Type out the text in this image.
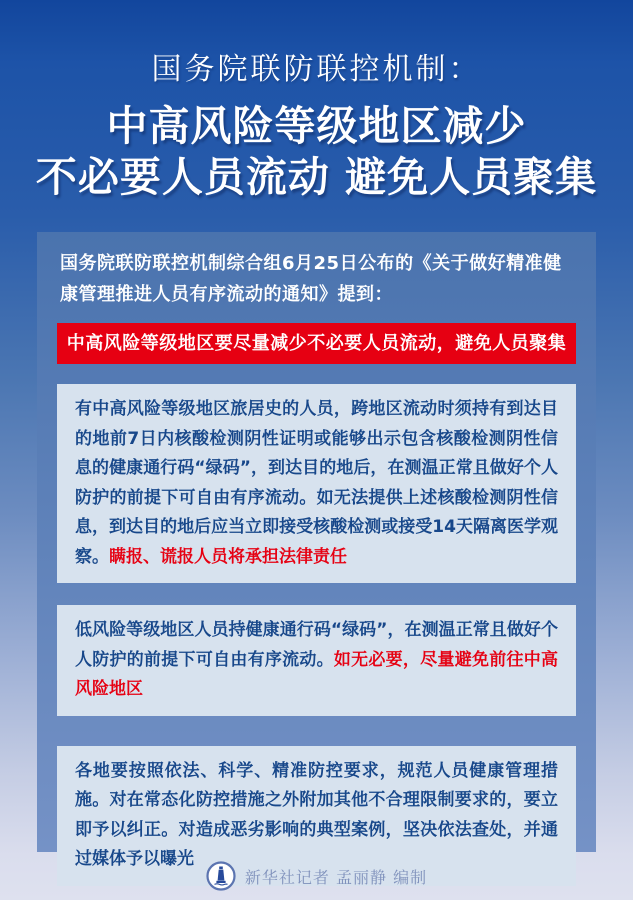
国务院联防联控机制：
中高风险等级地区减少
不必要人员流动 避免人员聚集
国务院联防联控机制综合组6月25日公布的《关于做好精准健康管理推进人员有序流动的通知》提到：
中高风险等级地区要尽量减少不必要人员流动，避免人员聚集
有中高风险等级地区旅居史的人员，跨地区流动时须持有到达目的地前7日内核酸检测阴性证明或能够出示包含核酸检测阴性信息的健康通行码“绿码”，到达目的地后，在测温正常且做好个人防护的前提下可自由有序流动。如无法提供上述核酸检测阴性信息，到达目的地后应当立即接受核酸检测或接受14天隔离医学观察。瞒报、谎报人员将承担法律责任
低风险等级地区人员持健康通行码“绿码”，在测温正常且做好个人防护的前提下可自由有序流动。如无必要，尽量避免前往中高风险地区
各地要按照依法、科学、精准防控要求，规范人员健康管理措施。对在常态化防控措施之外附加其他不合理限制要求的，要立即予以纠正。对造成恶劣影响的典型案例，坚决依法查处，并通过媒体予以曝光
新华社记者 孟丽静 编制
